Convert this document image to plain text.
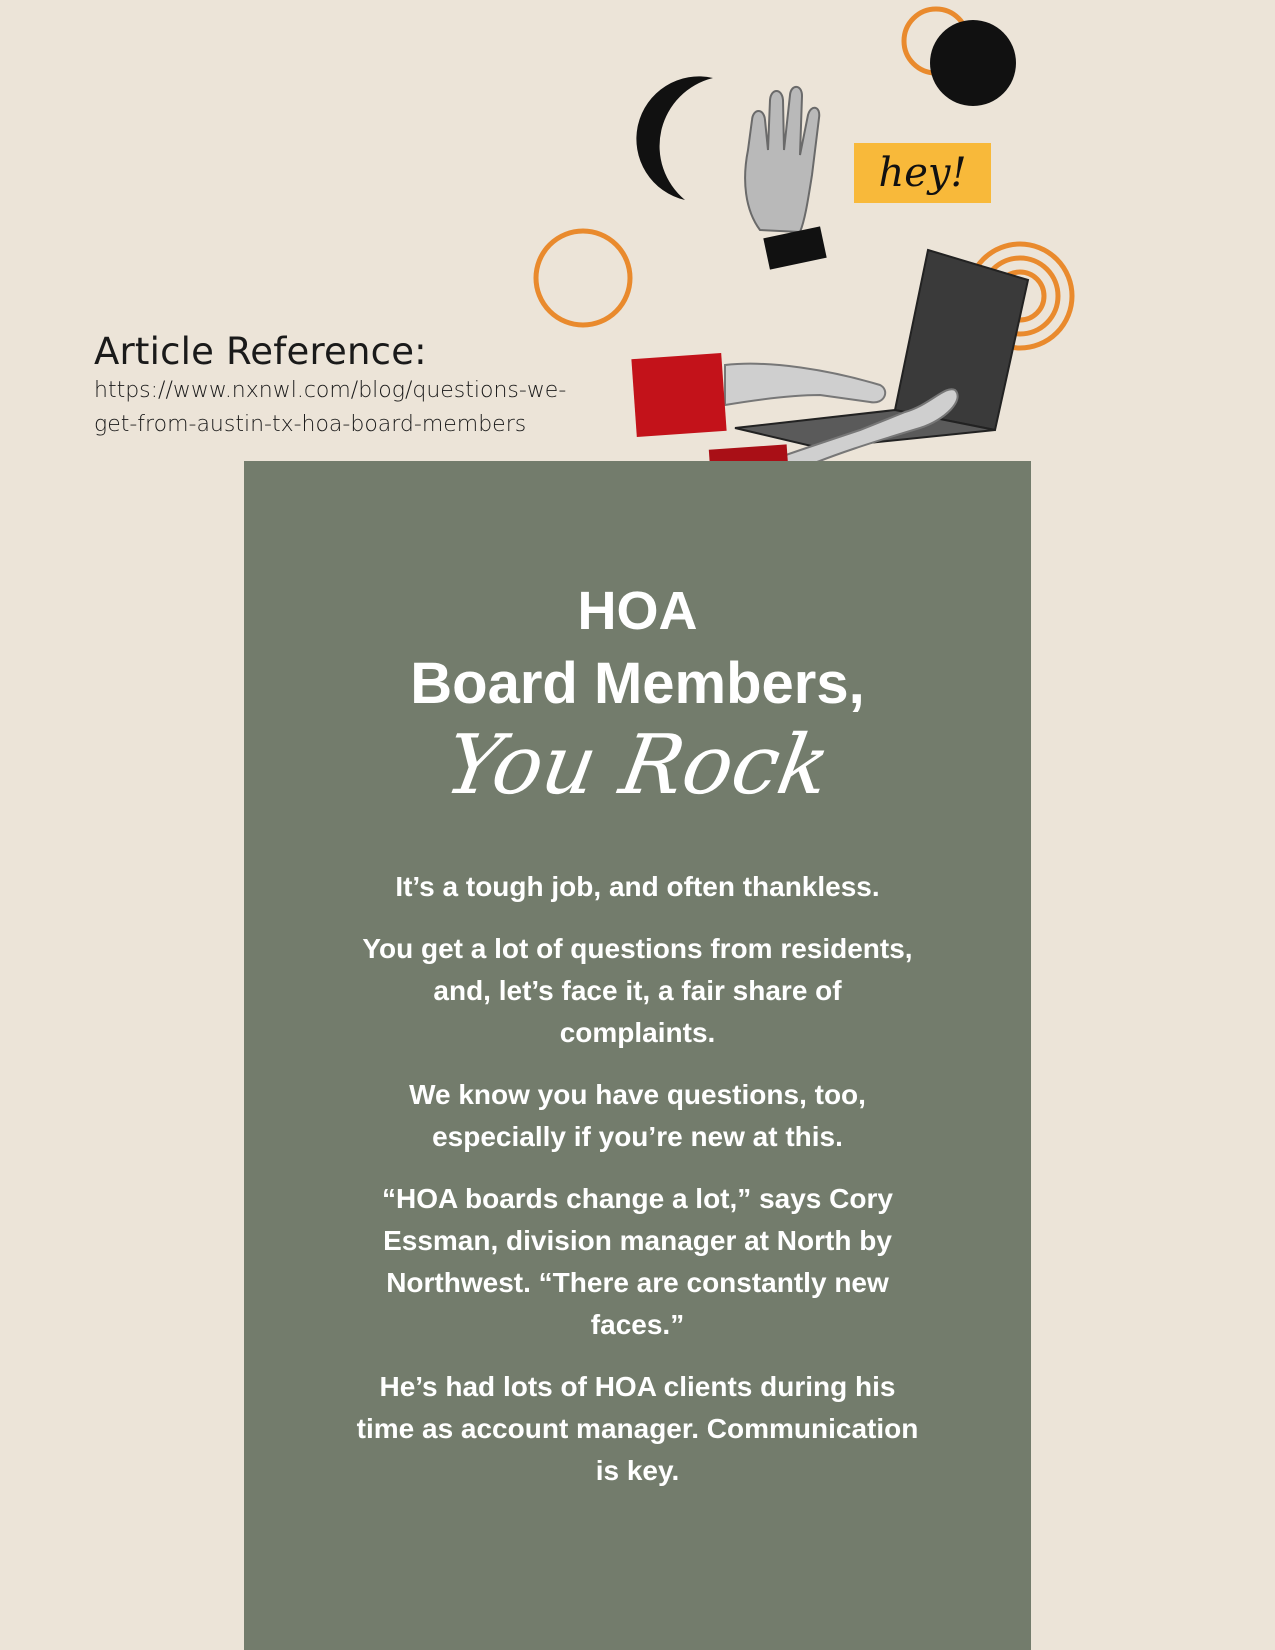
hey!
Article Reference:
https://www.nxnwl.com/blog/questions-we-get-from-austin-tx-hoa-board-members
HOA
Board Members,
You Rock

It’s a tough job, and often thankless.

You get a lot of questions from residents, and, let’s face it, a fair share of complaints.

We know you have questions, too, especially if you’re new at this.

“HOA boards change a lot,” says Cory Essman, division manager at North by Northwest. “There are constantly new faces.”

He’s had lots of HOA clients during his time as account manager. Communication is key.
